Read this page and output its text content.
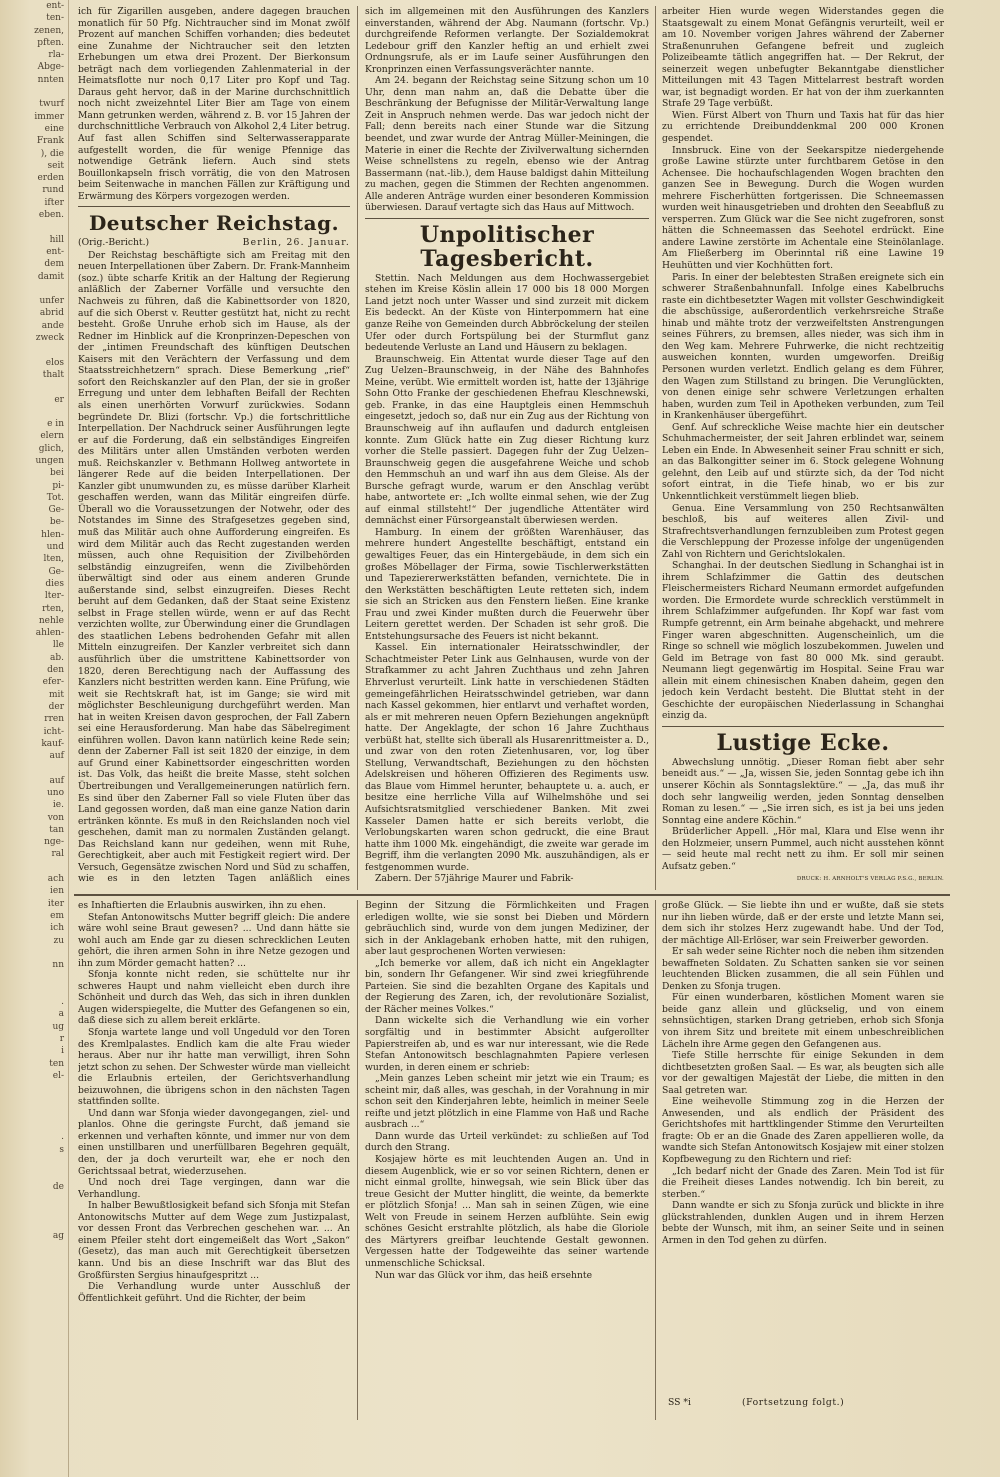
ent-
ten-
zenen,
pften.
rla-
Abge-
nnten

twurf
immer
eine
Frank
), die
seit
erden
rund
ifter
eben.

hill
ent-
dem
damit

unfer
abrid
ande
zweck

elos
thalt

er

e in
elern
glich,
ungen
bei
pi-
Tot.
Ge-
be-
hlen-
und
lten,
Ge-
dies
lter-
rten,
nehle
ahlen-
lle
ab.
den
efer-
mit
der
rren
icht-
kauf-
auf

auf
uno
ie.
von
tan
nge-
ral

ach
ien
iter
em
ich
zu

nn

.
a
ug
r
i
ten
el-

.
s

de

ag

ich für Zigarillen ausgeben, andere dagegen brauchen monatlich für 50 Pfg. Nichtraucher sind im Monat zwölf Prozent auf manchen Schiffen vorhanden; dies bedeutet eine Zunahme der Nichtraucher seit den letzten Erhebungen um etwa drei Prozent. Der Bierkonsum beträgt nach dem vorliegenden Zahlenmaterial in der Heimatsflotte nur noch 0,17 Liter pro Kopf und Tag. Daraus geht hervor, daß in der Marine durchschnittlich noch nicht zweizehntel Liter Bier am Tage von einem Mann getrunken werden, während z. B. vor 15 Jahren der durchschnittliche Verbrauch von Alkohol 2,4 Liter betrug. Auf fast allen Schiffen sind Selterwasserapparate aufgestellt worden, die für wenige Pfennige das notwendige Getränk liefern. Auch sind stets Bouillonkapseln frisch vorrätig, die von den Matrosen beim Seitenwache in manchen Fällen zur Kräftigung und Erwärmung des Körpers vorgezogen werden.

Deutscher Reichstag.
(Orig.-Bericht.)	Berlin, 26. Januar.

Der Reichstag beschäftigte sich am Freitag mit den neuen Interpellationen über Zabern. Dr. Frank-Mannheim (soz.) übte scharfe Kritik an der Haltung der Regierung anläßlich der Zaberner Vorfälle und versuchte den Nachweis zu führen, daß die Kabinettsorder von 1820, auf die sich Oberst v. Reutter gestützt hat, nicht zu recht besteht. Große Unruhe erhob sich im Hause, als der Redner im Hinblick auf die Kronprinzen-Depeschen von der „intimen Freundschaft des künftigen Deutschen Kaisers mit den Verächtern der Verfassung und dem Staatsstreichhetzern“ sprach. Diese Bemerkung „rief“ sofort den Reichskanzler auf den Plan, der sie in großer Erregung und unter dem lebhaften Beifall der Rechten als einen unerhörten Vorwurf zurückwies. Sodann begründete Dr. Blizi (fortschr. Vp.) die fortschrittliche Interpellation. Der Nachdruck seiner Ausführungen legte er auf die Forderung, daß ein selbständiges Eingreifen des Militärs unter allen Umständen verboten werden muß. Reichskanzler v. Bethmann Hollweg antwortete in längerer Rede auf die beiden Interpellationen. Der Kanzler gibt unumwunden zu, es müsse darüber Klarheit geschaffen werden, wann das Militär eingreifen dürfe. Überall wo die Voraussetzungen der Notwehr, oder des Notstandes im Sinne des Strafgesetzes gegeben sind, muß das Militär auch ohne Aufforderung eingreifen. Es wird dem Militär auch das Recht zugestanden werden müssen, auch ohne Requisition der Zivilbehörden selbständig einzugreifen, wenn die Zivilbehörden überwältigt sind oder aus einem anderen Grunde außerstande sind, selbst einzugreifen. Dieses Recht beruht auf dem Gedanken, daß der Staat seine Existenz selbst in Frage stellen würde, wenn er auf das Recht verzichten wollte, zur Überwindung einer die Grundlagen des staatlichen Lebens bedrohenden Gefahr mit allen Mitteln einzugreifen. Der Kanzler verbreitet sich dann ausführlich über die umstrittene Kabinettsorder von 1820, deren Berechtigung nach der Auffassung des Kanzlers nicht bestritten werden kann. Eine Prüfung, wie weit sie Rechtskraft hat, ist im Gange; sie wird mit möglichster Beschleunigung durchgeführt werden. Man hat in weiten Kreisen davon gesprochen, der Fall Zabern sei eine Herausforderung. Man habe das Säbelregiment einführen wollen. Davon kann natürlich keine Rede sein; denn der Zaberner Fall ist seit 1820 der einzige, in dem auf Grund einer Kabinettsorder eingeschritten worden ist. Das Volk, das heißt die breite Masse, steht solchen Übertreibungen und Verallgemeinerungen natürlich fern. Es sind über den Zaberner Fall so viele Fluten über das Land gegossen worden, daß man eine ganze Nation darin ertränken könnte. Es muß in den Reichslanden noch viel geschehen, damit man zu normalen Zuständen gelangt. Das Reichsland kann nur gedeihen, wenn mit Ruhe, Gerechtigkeit, aber auch mit Festigkeit regiert wird. Der Versuch, Gegensätze zwischen Nord und Süd zu schaffen, wie es in den letzten Tagen anläßlich eines

sich im allgemeinen mit den Ausführungen des Kanzlers einverstanden, während der Abg. Naumann (fortschr. Vp.) durchgreifende Reformen verlangte. Der Sozialdemokrat Ledebour griff den Kanzler heftig an und erhielt zwei Ordnungsrufe, als er im Laufe seiner Ausführungen den Kronprinzen einen Verfassungsverächter nannte.

Am 24. begann der Reichstag seine Sitzung schon um 10 Uhr, denn man nahm an, daß die Debatte über die Beschränkung der Befugnisse der Militär-Verwaltung lange Zeit in Anspruch nehmen werde. Das war jedoch nicht der Fall; denn bereits nach einer Stunde war die Sitzung beendet, und zwar wurde der Antrag Müller-Meiningen, die Materie in einer die Rechte der Zivilverwaltung sichernden Weise schnellstens zu regeln, ebenso wie der Antrag Bassermann (nat.-lib.), dem Hause baldigst dahin Mitteilung zu machen, gegen die Stimmen der Rechten angenommen. Alle anderen Anträge wurden einer besonderen Kommission überwiesen. Darauf vertagte sich das Haus auf Mittwoch.

Unpolitischer Tagesbericht.

Stettin. Nach Meldungen aus dem Hochwassergebiet stehen im Kreise Köslin allein 17 000 bis 18 000 Morgen Land jetzt noch unter Wasser und sind zurzeit mit dickem Eis bedeckt. An der Küste von Hinterpommern hat eine ganze Reihe von Gemeinden durch Abbröckelung der steilen Ufer oder durch Fortspülung bei der Sturmflut ganz bedeutende Verluste an Land und Häusern zu beklagen.

Braunschweig. Ein Attentat wurde dieser Tage auf den Zug Uelzen–Braunschweig, in der Nähe des Bahnhofes Meine, verübt. Wie ermittelt worden ist, hatte der 13jährige Sohn Otto Franke der geschiedenen Ehefrau Kleschnewski, geb. Franke, in das eine Hauptgleis einen Hemmschuh eingesetzt, jedoch so, daß nur ein Zug aus der Richtung von Braunschweig auf ihn auflaufen und dadurch entgleisen konnte. Zum Glück hatte ein Zug dieser Richtung kurz vorher die Stelle passiert. Dagegen fuhr der Zug Uelzen–Braunschweig gegen die ausgefahrene Weiche und schob den Hemmschuh an und warf ihn aus dem Gleise. Als der Bursche gefragt wurde, warum er den Anschlag verübt habe, antwortete er: „Ich wollte einmal sehen, wie der Zug auf einmal stillsteht!“ Der jugendliche Attentäter wird demnächst einer Fürsorgeanstalt überwiesen werden.

Hamburg. In einem der größten Warenhäuser, das mehrere hundert Angestellte beschäftigt, entstand ein gewaltiges Feuer, das ein Hintergebäude, in dem sich ein großes Möbellager der Firma, sowie Tischlerwerkstätten und Tapeziererwerkstätten befanden, vernichtete. Die in den Werkstätten beschäftigten Leute retteten sich, indem sie sich an Stricken aus den Fenstern ließen. Eine kranke Frau und zwei Kinder mußten durch die Feuerwehr über Leitern gerettet werden. Der Schaden ist sehr groß. Die Entstehungsursache des Feuers ist nicht bekannt.

Kassel. Ein internationaler Heiratsschwindler, der Schachtmeister Peter Link aus Gelnhausen, wurde von der Strafkammer zu acht Jahren Zuchthaus und zehn Jahren Ehrverlust verurteilt. Link hatte in verschiedenen Städten gemeingefährlichen Heiratsschwindel getrieben, war dann nach Kassel gekommen, hier entlarvt und verhaftet worden, als er mit mehreren neuen Opfern Beziehungen angeknüpft hatte. Der Angeklagte, der schon 16 Jahre Zuchthaus verbüßt hat, stellte sich überall als Husarenrittmeister a. D., und zwar von den roten Zietenhusaren, vor, log über Stellung, Verwandtschaft, Beziehungen zu den höchsten Adelskreisen und höheren Offizieren des Regiments usw. das Blaue vom Himmel herunter, behauptete u. a. auch, er besitze eine herrliche Villa auf Wilhelmshöhe und sei Aufsichtsratsmitglied verschiedener Banken. Mit zwei Kasseler Damen hatte er sich bereits verlobt, die Verlobungskarten waren schon gedruckt, die eine Braut hatte ihm 1000 Mk. eingehändigt, die zweite war gerade im Begriff, ihm die verlangten 2090 Mk. auszuhändigen, als er festgenommen wurde.

Zabern. Der 57jährige Maurer und Fabrik-

arbeiter Hien wurde wegen Widerstandes gegen die Staatsgewalt zu einem Monat Gefängnis verurteilt, weil er am 10. November vorigen Jahres während der Zaberner Straßenunruhen Gefangene befreit und zugleich Polizeibeamte tätlich angegriffen hat. — Der Rekrut, der seinerzeit wegen unbefugter Bekanntgabe dienstlicher Mitteilungen mit 43 Tagen Mittelarrest bestraft worden war, ist begnadigt worden. Er hat von der ihm zuerkannten Strafe 29 Tage verbüßt.

Wien. Fürst Albert von Thurn und Taxis hat für das hier zu errichtende Dreibunddenkmal 200 000 Kronen gespendet.

Innsbruck. Eine von der Seekarspitze niedergehende große Lawine stürzte unter furchtbarem Getöse in den Achensee. Die hochaufschlagenden Wogen brachten den ganzen See in Bewegung. Durch die Wogen wurden mehrere Fischerhütten fortgerissen. Die Schneemassen wurden weit hinausgetrieben und drohten den Seeabfluß zu versperren. Zum Glück war die See nicht zugefroren, sonst hätten die Schneemassen das Seehotel erdrückt. Eine andere Lawine zerstörte im Achentale eine Steinölanlage. Am Fließerberg im Oberinntal riß eine Lawine 19 Heuhütten und vier Kochhütten fort.

Paris. In einer der belebtesten Straßen ereignete sich ein schwerer Straßenbahnunfall. Infolge eines Kabelbruchs raste ein dichtbesetzter Wagen mit vollster Geschwindigkeit die abschüssige, außerordentlich verkehrsreiche Straße hinab und mähte trotz der verzweifeltsten Anstrengungen seines Führers, zu bremsen, alles nieder, was sich ihm in den Weg kam. Mehrere Fuhrwerke, die nicht rechtzeitig ausweichen konnten, wurden umgeworfen. Dreißig Personen wurden verletzt. Endlich gelang es dem Führer, den Wagen zum Stillstand zu bringen. Die Verunglückten, von denen einige sehr schwere Verletzungen erhalten haben, wurden zum Teil in Apotheken verbunden, zum Teil in Krankenhäuser übergeführt.

Genf. Auf schreckliche Weise machte hier ein deutscher Schuhmachermeister, der seit Jahren erblindet war, seinem Leben ein Ende. In Abwesenheit seiner Frau schnitt er sich, an das Balkongitter seiner im 6. Stock gelegene Wohnung gelehnt, den Leib auf und stürzte sich, da der Tod nicht sofort eintrat, in die Tiefe hinab, wo er bis zur Unkenntlichkeit verstümmelt liegen blieb.

Genua. Eine Versammlung von 250 Rechtsanwälten beschloß, bis auf weiteres allen Zivil- und Strafrechtsverhandlungen fernzubleiben zum Protest gegen die Verschleppung der Prozesse infolge der ungenügenden Zahl von Richtern und Gerichtslokalen.

Schanghai. In der deutschen Siedlung in Schanghai ist in ihrem Schlafzimmer die Gattin des deutschen Fleischermeisters Richard Neumann ermordet aufgefunden worden. Die Ermordete wurde schrecklich verstümmelt in ihrem Schlafzimmer aufgefunden. Ihr Kopf war fast vom Rumpfe getrennt, ein Arm beinahe abgehackt, und mehrere Finger waren abgeschnitten. Augenscheinlich, um die Ringe so schnell wie möglich loszubekommen. Juwelen und Geld im Betrage von fast 80 000 Mk. sind geraubt. Neumann liegt gegenwärtig im Hospital. Seine Frau war allein mit einem chinesischen Knaben daheim, gegen den jedoch kein Verdacht besteht. Die Bluttat steht in der Geschichte der europäischen Niederlassung in Schanghai einzig da.

Lustige Ecke.

Abwechslung unnötig. „Dieser Roman fiebt aber sehr beneidt aus.“ — „Ja, wissen Sie, jeden Sonntag gebe ich ihn unserer Köchin als Sonntagslektüre.“ — „Ja, das muß ihr doch sehr langweilig werden, jeden Sonntag denselben Roman zu lesen.“ — „Sie irren sich, es ist ja bei uns jeden Sonntag eine andere Köchin.“

Brüderlicher Appell. „Hör mal, Klara und Else wenn ihr den Holzmeier, unsern Pummel, auch nicht ausstehen könnt — seid heute mal recht nett zu ihm. Er soll mir seinen Aufsatz geben.“

DRUCK: H. ARNHOLT'S VERLAG P.S.G., BERLIN.

es Inhaftierten die Erlaubnis auswirken, ihn zu ehen.

Stefan Antonowitschs Mutter begriff gleich: Die andere wäre wohl seine Braut gewesen? ... Und dann hätte sie wohl auch am Ende gar zu diesen schrecklichen Leuten gehört, die ihren armen Sohn in ihre Netze gezogen und ihn zum Mörder gemacht hatten? ...

Sfonja konnte nicht reden, sie schüttelte nur ihr schweres Haupt und nahm vielleicht eben durch ihre Schönheit und durch das Weh, das sich in ihren dunklen Augen widerspiegelte, die Mutter des Gefangenen so ein, daß diese sich zu allem bereit erklärte.

Sfonja wartete lange und voll Ungeduld vor den Toren des Kremlpalastes. Endlich kam die alte Frau wieder heraus. Aber nur ihr hatte man verwilligt, ihren Sohn jetzt schon zu sehen. Der Schwester würde man vielleicht die Erlaubnis erteilen, der Gerichtsverhandlung beizuwohnen, die übrigens schon in den nächsten Tagen stattfinden sollte.

Und dann war Sfonja wieder davongegangen, ziel- und planlos. Ohne die geringste Furcht, daß jemand sie erkennen und verhaften könnte, und immer nur von dem einen unstillbaren und unerfüllbaren Begehren gequält, den, der ja doch verurteilt war, ehe er noch den Gerichtssaal betrat, wiederzusehen.

Und noch drei Tage vergingen, dann war die Verhandlung.

In halber Bewußtlosigkeit befand sich Sfonja mit Stefan Antonowitschs Mutter auf dem Wege zum Justizpalast, vor dessen Front das Verbrechen geschehen war. ... An einem Pfeiler steht dort eingemeißelt das Wort „Sakon“ (Gesetz), das man auch mit Gerechtigkeit übersetzen kann. Und bis an diese Inschrift war das Blut des Großfürsten Sergius hinaufgespritzt ...

Die Verhandlung wurde unter Ausschluß der Öffentlichkeit geführt. Und die Richter, der beim

Beginn der Sitzung die Förmlichkeiten und Fragen erledigen wollte, wie sie sonst bei Dieben und Mördern gebräuchlich sind, wurde von dem jungen Mediziner, der sich in der Anklagebank erhoben hatte, mit den ruhigen, aber laut gesprochenen Worten verwiesen:

„Ich bemerke vor allem, daß ich nicht ein Angeklagter bin, sondern Ihr Gefangener. Wir sind zwei kriegführende Parteien. Sie sind die bezahlten Organe des Kapitals und der Regierung des Zaren, ich, der revolutionäre Sozialist, der Rächer meines Volkes.“

Dann wickelte sich die Verhandlung wie ein vorher sorgfältig und in bestimmter Absicht aufgerollter Papierstreifen ab, und es war nur interessant, wie die Rede Stefan Antonowitsch beschlagnahmten Papiere verlesen wurden, in deren einem er schrieb:

„Mein ganzes Leben scheint mir jetzt wie ein Traum; es scheint mir, daß alles, was geschah, in der Vorahnung in mir schon seit den Kinderjahren lebte, heimlich in meiner Seele reifte und jetzt plötzlich in eine Flamme von Haß und Rache ausbrach ...“

Dann wurde das Urteil verkündet: zu schließen auf Tod durch den Strang.

Kosjajew hörte es mit leuchtenden Augen an. Und in diesem Augenblick, wie er so vor seinen Richtern, denen er nicht einmal grollte, hinwegsah, wie sein Blick über das treue Gesicht der Mutter hinglitt, die weinte, da bemerkte er plötzlich Sfonja! ... Man sah in seinen Zügen, wie eine Welt von Freude in seinem Herzen aufblühte. Sein ewig schönes Gesicht erstrahlte plötzlich, als habe die Gloriole des Märtyrers greifbar leuchtende Gestalt gewonnen. Vergessen hatte der Todgeweihte das seiner wartende unmenschliche Schicksal.

Nun war das Glück vor ihm, das heiß ersehnte

große Glück. — Sie liebte ihn und er wußte, daß sie stets nur ihn lieben würde, daß er der erste und letzte Mann sei, dem sich ihr stolzes Herz zugewandt habe. Und der Tod, der mächtige All-Erlöser, war sein Freiwerber geworden.

Er sah weder seine Richter noch die neben ihm sitzenden bewaffneten Soldaten. Zu Schatten sanken sie vor seinen leuchtenden Blicken zusammen, die all sein Fühlen und Denken zu Sfonja trugen.

Für einen wunderbaren, köstlichen Moment waren sie beide ganz allein und glückselig, und von einem sehnsüchtigen, starken Drang getrieben, erhob sich Sfonja von ihrem Sitz und breitete mit einem unbeschreiblichen Lächeln ihre Arme gegen den Gefangenen aus.

Tiefe Stille herrschte für einige Sekunden in dem dichtbesetzten großen Saal. — Es war, als beugten sich alle vor der gewaltigen Majestät der Liebe, die mitten in den Saal getreten war.

Eine weihevolle Stimmung zog in die Herzen der Anwesenden, und als endlich der Präsident des Gerichtshofes mit harttklingender Stimme den Verurteilten fragte: Ob er an die Gnade des Zaren appellieren wolle, da wandte sich Stefan Antonowitsch Kosjajew mit einer stolzen Kopfbewegung zu den Richtern und rief:

„Ich bedarf nicht der Gnade des Zaren. Mein Tod ist für die Freiheit dieses Landes notwendig. Ich bin bereit, zu sterben.“

Dann wandte er sich zu Sfonja zurück und blickte in ihre glückstrahlenden, dunklen Augen und in ihrem Herzen bebte der Wunsch, mit ihm, an seiner Seite und in seinen Armen in den Tod gehen zu dürfen.

SS *i	(Fortsetzung folgt.)
